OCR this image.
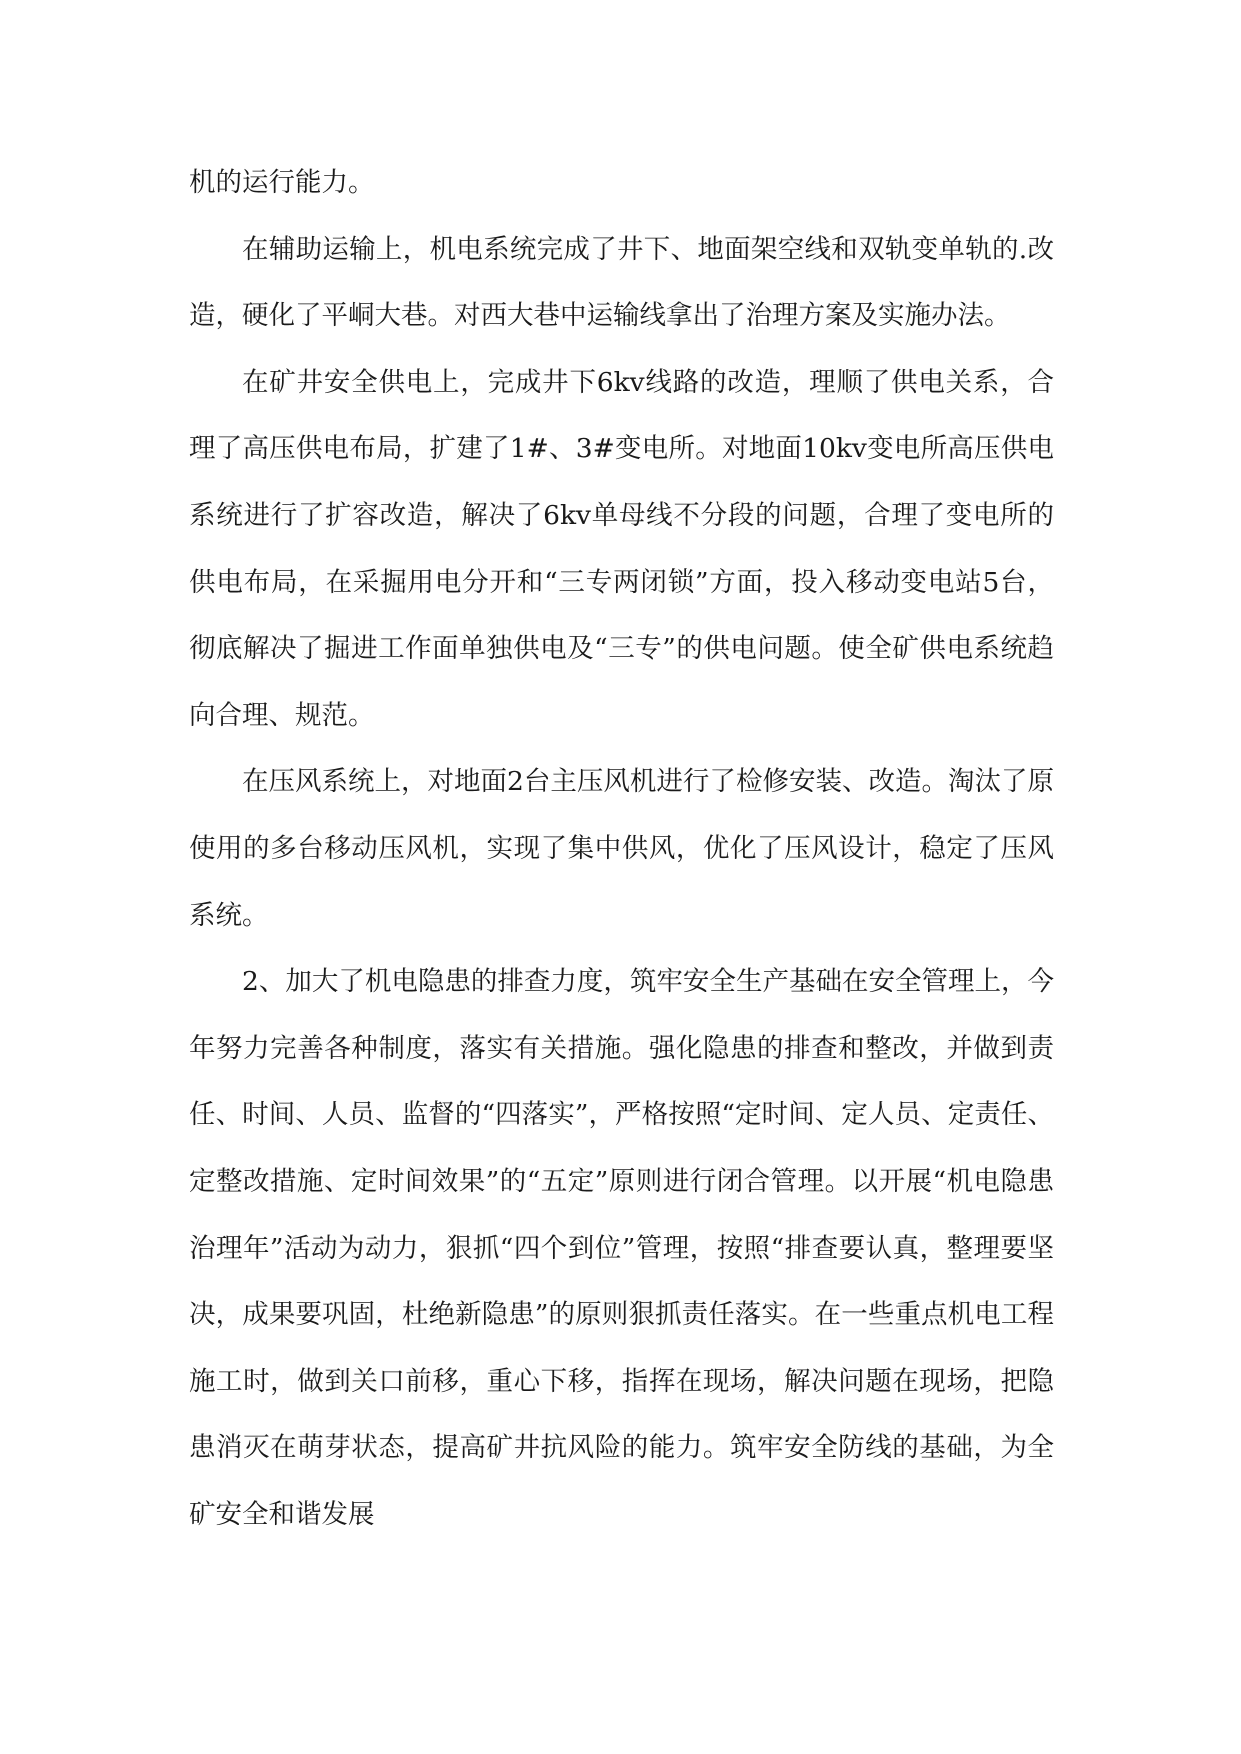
机的运行能力。

在辅助运输上，机电系统完成了井下、地面架空线和双轨变单轨的.改造，硬化了平峒大巷。对西大巷中运输线拿出了治理方案及实施办法。

在矿井安全供电上，完成井下6kv线路的改造，理顺了供电关系，合理了高压供电布局，扩建了1#、3#变电所。对地面10kv变电所高压供电系统进行了扩容改造，解决了6kv单母线不分段的问题，合理了变电所的供电布局，在采掘用电分开和“三专两闭锁”方面，投入移动变电站5台，彻底解决了掘进工作面单独供电及“三专”的供电问题。使全矿供电系统趋向合理、规范。

在压风系统上，对地面2台主压风机进行了检修安装、改造。淘汰了原使用的多台移动压风机，实现了集中供风，优化了压风设计，稳定了压风系统。

2、加大了机电隐患的排查力度，筑牢安全生产基础在安全管理上，今年努力完善各种制度，落实有关措施。强化隐患的排查和整改，并做到责任、时间、人员、监督的“四落实”，严格按照“定时间、定人员、定责任、定整改措施、定时间效果”的“五定”原则进行闭合管理。以开展“机电隐患治理年”活动为动力，狠抓“四个到位”管理，按照“排查要认真，整理要坚决，成果要巩固，杜绝新隐患”的原则狠抓责任落实。在一些重点机电工程施工时，做到关口前移，重心下移，指挥在现场，解决问题在现场，把隐患消灭在萌芽状态，提高矿井抗风险的能力。筑牢安全防线的基础，为全矿安全和谐发展
